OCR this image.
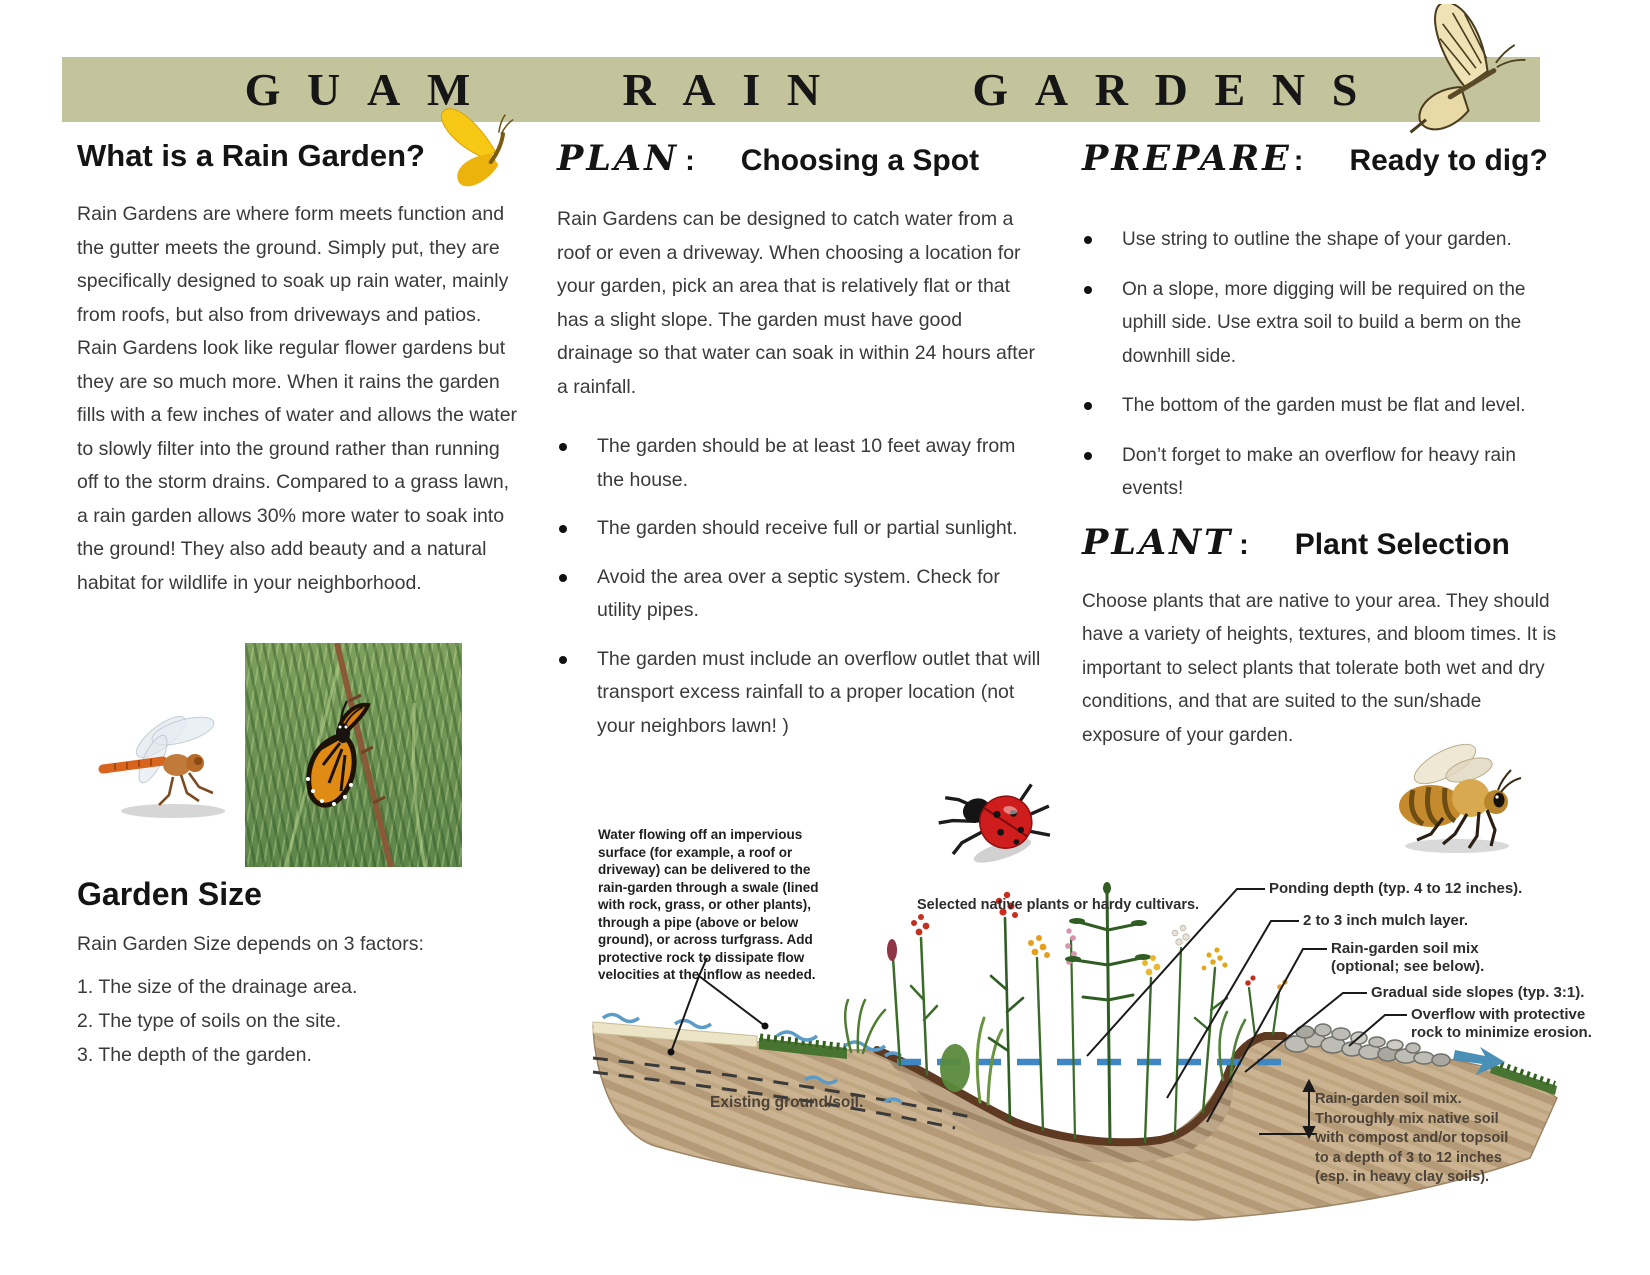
GUAM RAIN GARDENS
What is a Rain Garden?

Rain Gardens are where form meets function and the gutter meets the ground. Simply put, they are specifically designed to soak up rain water, mainly from roofs, but also from driveways and patios. Rain Gardens look like regular flower gardens but they are so much more. When it rains the garden fills with a few inches of water and allows the water to slowly filter into the ground rather than running off to the storm drains. Compared to a grass lawn, a rain garden allows 30% more water to soak into the ground! They also add beauty and a natural habitat for wildlife in your neighborhood.

Garden Size

Rain Garden Size depends on 3 factors:

1. The size of the drainage area.
2. The type of soils on the site.
3. The depth of the garden.
PLAN : Choosing a Spot

Rain Gardens can be designed to catch water from a roof or even a driveway. When choosing a location for your garden, pick an area that is relatively flat or that has a slight slope. The garden must have good drainage so that water can soak in within 24 hours after a rainfall.

The garden should be at least 10 feet away from the house.
The garden should receive full or partial sunlight.
Avoid the area over a septic system. Check for utility pipes.
The garden must include an overflow outlet that will transport excess rainfall to a proper location (not your neighbors lawn! )
PREPARE : Ready to dig?
Use string to outline the shape of your garden.
On a slope, more digging will be required on the uphill side. Use extra soil to build a berm on the downhill side.
The bottom of the garden must be flat and level.
Don’t forget to make an overflow for heavy rain events!
PLANT : Plant Selection

Choose plants that are native to your area. They should have a variety of heights, textures, and bloom times. It is important to select plants that tolerate both wet and dry conditions, and that are suited to the sun/shade exposure of your garden.

Water flowing off an impervious surface (for example, a roof or driveway) can be delivered to the rain-garden through a swale (lined with rock, grass, or other plants), through a pipe (above or below ground), or across turfgrass. Add protective rock to dissipate flow velocities at the inflow as needed.
Selected native plants or hardy cultivars.
Ponding depth (typ. 4 to 12 inches).
2 to 3 inch mulch layer.
Rain-garden soil mix (optional; see below).
Gradual side slopes (typ. 3:1).
Overflow with protective rock to minimize erosion.
Existing ground/soil.	Rain-garden soil mix. Thoroughly mix native soil with compost and/or topsoil to a depth of 3 to 12 inches (esp. in heavy clay soils).
